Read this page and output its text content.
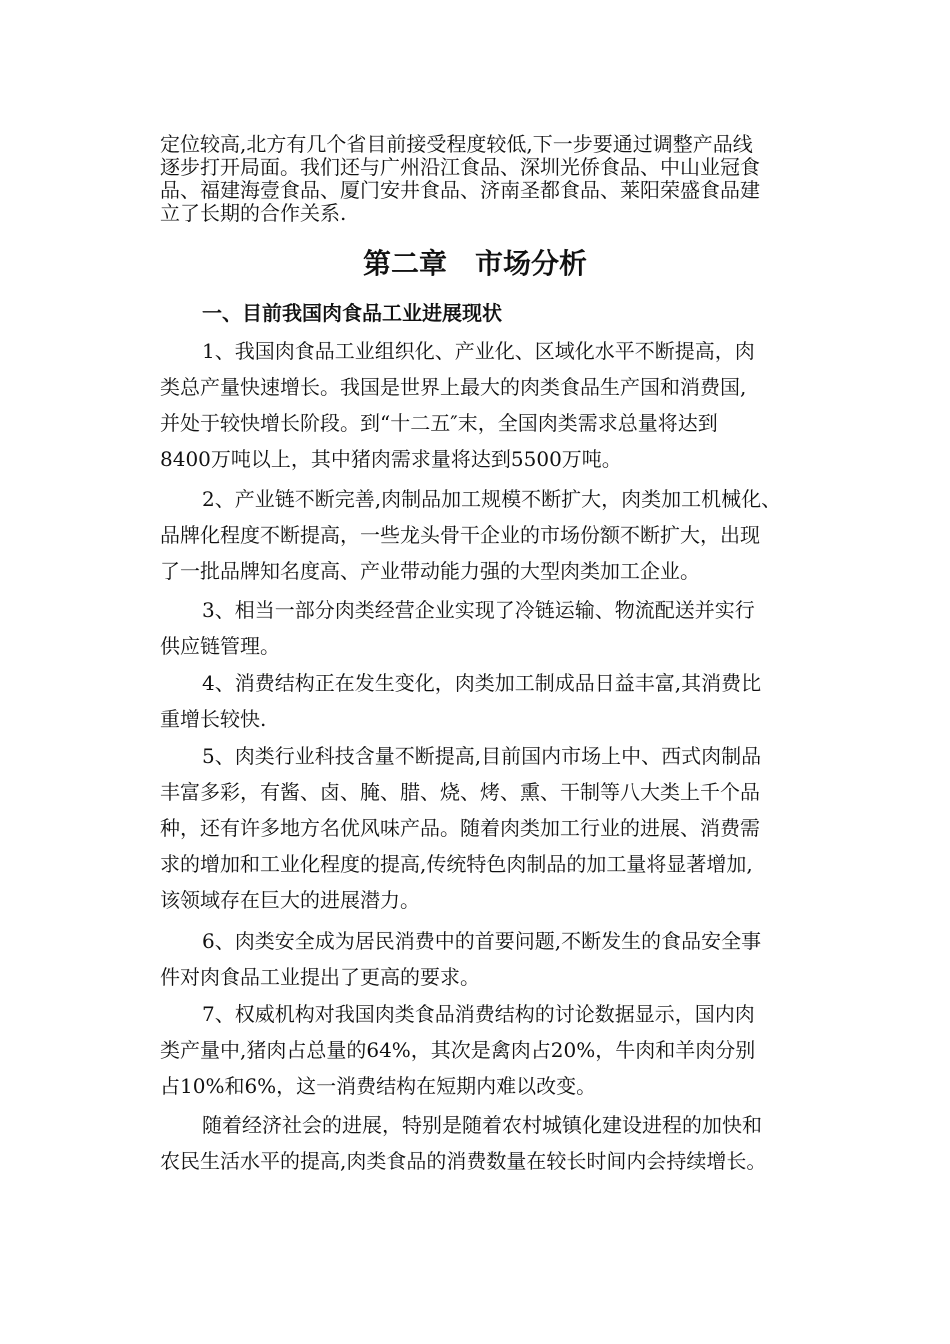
定位较高,北方有几个省目前接受程度较低,下一步要通过调整产品线
逐步打开局面。我们还与广州沿江食品、深圳光侨食品、中山业冠食
品、福建海壹食品、厦门安井食品、济南圣都食品、莱阳荣盛食品建
立了长期的合作关系.
第二章　市场分析
一、目前我国肉食品工业进展现状
1、我国肉食品工业组织化、产业化、区域化水平不断提高，肉
类总产量快速增长。我国是世界上最大的肉类食品生产国和消费国,
并处于较快增长阶段。到“十二五″末，全国肉类需求总量将达到
8400万吨以上，其中猪肉需求量将达到5500万吨。
2、产业链不断完善,肉制品加工规模不断扩大，肉类加工机械化、
品牌化程度不断提高，一些龙头骨干企业的市场份额不断扩大，出现
了一批品牌知名度高、产业带动能力强的大型肉类加工企业。
3、相当一部分肉类经营企业实现了冷链运输、物流配送并实行
供应链管理。
4、消费结构正在发生变化，肉类加工制成品日益丰富,其消费比
重增长较快.
5、肉类行业科技含量不断提高,目前国内市场上中、西式肉制品
丰富多彩，有酱、卤、腌、腊、烧、烤、熏、干制等八大类上千个品
种，还有许多地方名优风味产品。随着肉类加工行业的进展、消费需
求的增加和工业化程度的提高,传统特色肉制品的加工量将显著增加,
该领域存在巨大的进展潜力。
6、肉类安全成为居民消费中的首要问题,不断发生的食品安全事
件对肉食品工业提出了更高的要求。
7、权威机构对我国肉类食品消费结构的讨论数据显示，国内肉
类产量中,猪肉占总量的64%，其次是禽肉占20%，牛肉和羊肉分别
占10%和6%，这一消费结构在短期内难以改变。
随着经济社会的进展，特别是随着农村城镇化建设进程的加快和
农民生活水平的提高,肉类食品的消费数量在较长时间内会持续增长。
